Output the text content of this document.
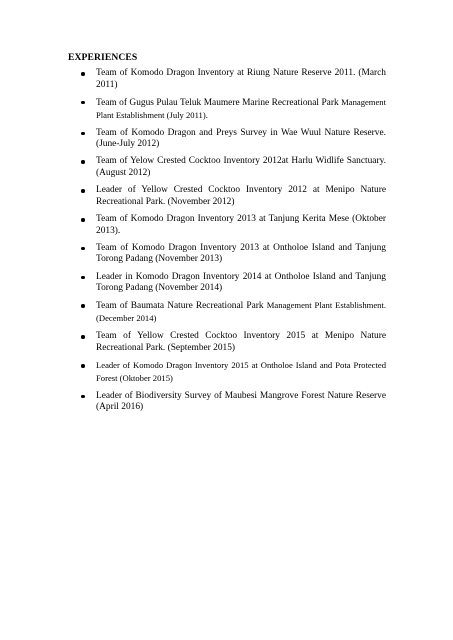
EXPERIENCES
Team of Komodo Dragon Inventory at Riung Nature Reserve 2011. (March 2011)
Team of Gugus Pulau Teluk Maumere Marine Recreational Park Management Plant Establishment (July 2011).
Team of Komodo Dragon and Preys Survey in Wae Wuul Nature Reserve. (June-July 2012)
Team of Yelow Crested Cocktoo Inventory 2012at Harlu Widlife Sanctuary. (August 2012)
Leader of Yellow Crested Cocktoo Inventory 2012 at Menipo Nature Recreational Park. (November 2012)
Team of Komodo Dragon Inventory 2013 at Tanjung Kerita Mese (Oktober 2013).
Team of Komodo Dragon Inventory 2013 at Ontholoe Island and Tanjung Torong Padang (November 2013)
Leader in Komodo Dragon Inventory 2014 at Ontholoe Island and Tanjung Torong Padang (November 2014)
Team of Baumata Nature Recreational Park Management Plant Establishment. (December 2014)
Team of Yellow Crested Cocktoo Inventory 2015 at Menipo Nature Recreational Park. (September 2015)
Leader of Komodo Dragon Inventory 2015 at Ontholoe Island and Pota Protected Forest (Oktober 2015)
Leader of Biodiversity Survey of Maubesi Mangrove Forest Nature Reserve (April 2016)
